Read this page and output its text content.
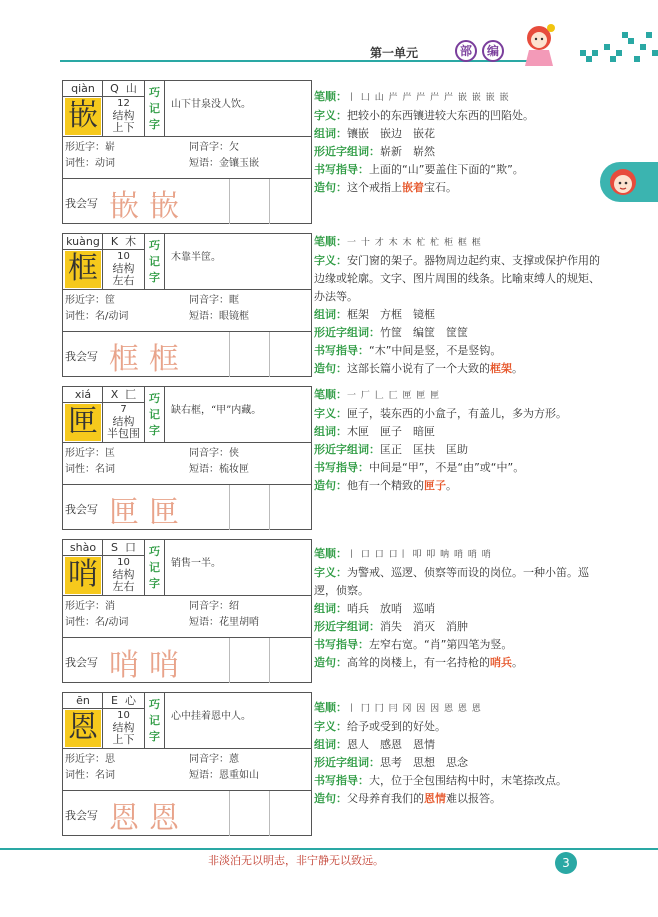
第一单元	部	编
qiàn
嵌
Q 山
12
结构
上下
巧记字
山下甘泉没人饮。
形近字：崭	同音字：欠
词性：动词	短语：金镶玉嵌
我会写 嵌 嵌
笔顺：丨 凵 山 屵 屵 屵 屵 屵 嵌 嵌 嵌 嵌
字义：把较小的东西镶进较大东西的凹陷处。
组词：镶嵌　嵌边　嵌花
形近字组词：崭新　崭然
书写指导：上面的“山”要盖住下面的“欺”。
造句：这个戒指上嵌着宝石。
kuàng
框
K 木
10
结构
左右
巧记字
木靠半筐。
形近字：筐	同音字：眶
词性：名/动词	短语：眼镜框
我会写 框 框
笔顺：一 十 才 木 木 杧 杧 柜 框 框
字义：安门窗的架子。器物周边起约束、支撑或保护作用的边缘或轮廓。文字、图片周围的线条。比喻束缚人的规矩、办法等。
组词：框架　方框　镜框
形近字组词：竹筐　编筐　筐筐
书写指导：“木”中间是竖，不是竖钩。
造句：这部长篇小说有了一个大致的框架。
xiá
匣
X 匚
7
结构
半包围
巧记字
缺右框，“甲”内藏。
形近字：匡	同音字：侠
词性：名词	短语：梳妆匣
我会写 匣 匣
笔顺：一 厂 𠃊 匚 匣 匣 匣
字义：匣子，装东西的小盒子，有盖儿，多为方形。
组词：木匣　匣子　暗匣
形近字组词：匡正　匡扶　匡助
书写指导：中间是“甲”，不是“由”或“中”。
造句：他有一个精致的匣子。
shào
哨
S 口
10
结构
左右
巧记字
销售一半。
形近字：消	同音字：绍
词性：名/动词	短语：花里胡哨
我会写 哨 哨
笔顺：丨 口 口 口丨 叩 叩 呐 哨 哨 哨
字义：为警戒、巡逻、侦察等而设的岗位。一种小笛。巡逻，侦察。
组词：哨兵　放哨　巡哨
形近字组词：消失　消灭　消肿
书写指导：左窄右宽。“肖”第四笔为竖。
造句：高耸的岗楼上，有一名持枪的哨兵。
ēn
恩
E 心
10
结构
上下
巧记字
心中挂着恩中人。
形近字：思	同音字：蒽
词性：名词	短语：恩重如山
我会写 恩 恩
笔顺：丨 冂 冂 冃 冈 因 因 恩 恩 恩
字义：给予或受到的好处。
组词：恩人　感恩　恩情
形近字组词：思考　思想　思念
书写指导：大，位于全包围结构中时，末笔捺改点。
造句：父母养育我们的恩情难以报答。
非淡泊无以明志，非宁静无以致远。	3
